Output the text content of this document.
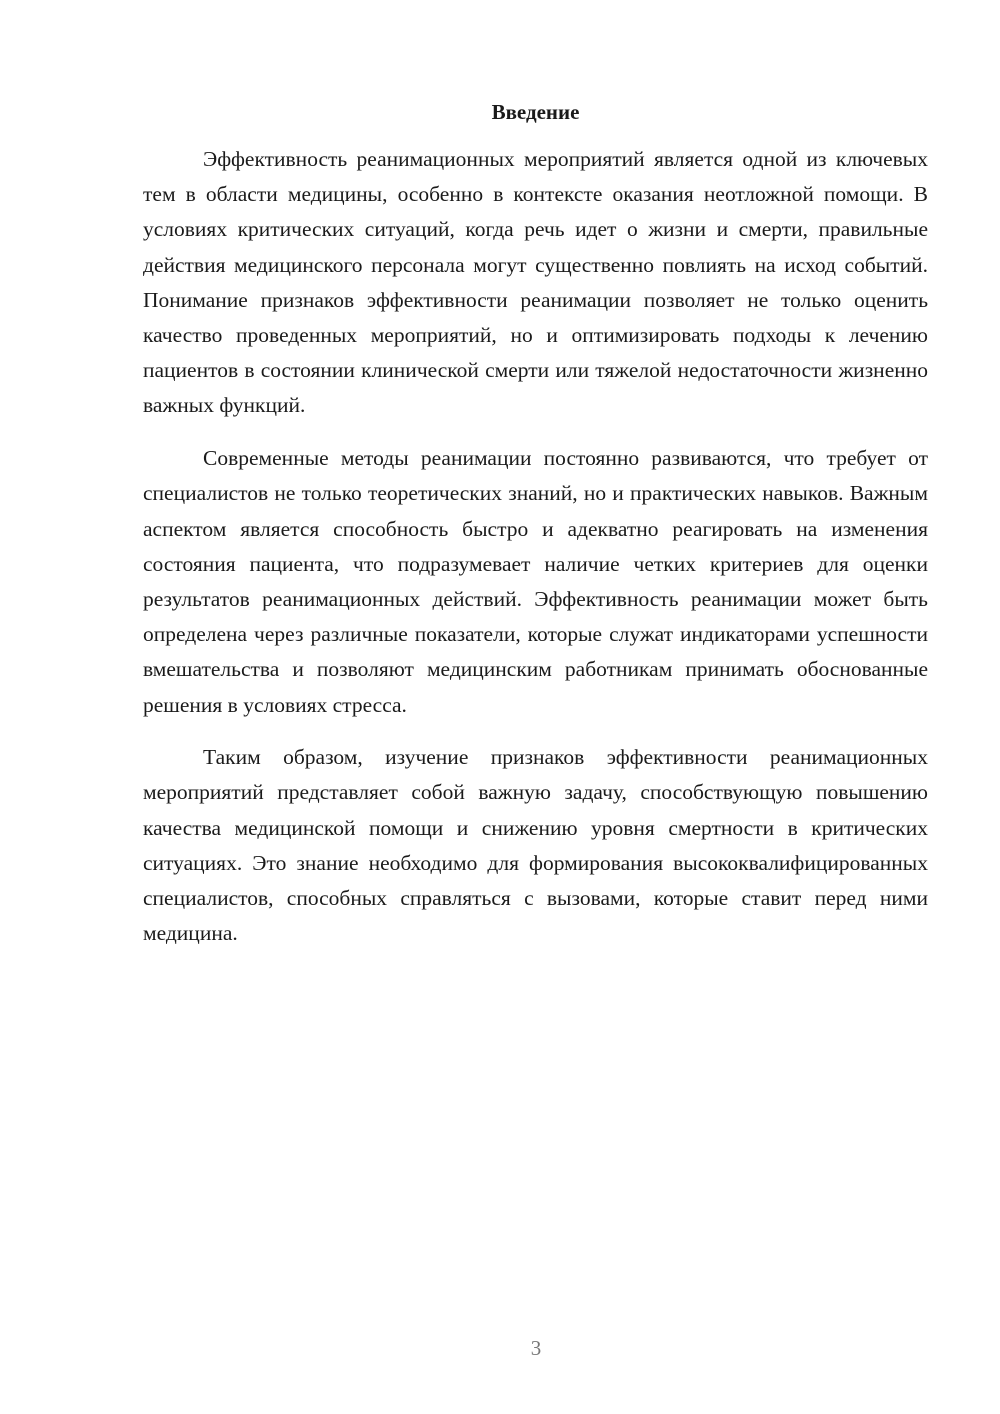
Введение

Эффективность реанимационных мероприятий является одной из ключевых тем в области медицины, особенно в контексте оказания неотложной помощи. В условиях критических ситуаций, когда речь идет о жизни и смерти, правильные действия медицинского персонала могут существенно повлиять на исход событий. Понимание признаков эффективности реанимации позволяет не только оценить качество проведенных мероприятий, но и оптимизировать подходы к лечению пациентов в состоянии клинической смерти или тяжелой недостаточности жизненно важных функций.

Современные методы реанимации постоянно развиваются, что требует от специалистов не только теоретических знаний, но и практических навыков. Важным аспектом является способность быстро и адекватно реагировать на изменения состояния пациента, что подразумевает наличие четких критериев для оценки результатов реанимационных действий. Эффективность реанимации может быть определена через различные показатели, которые служат индикаторами успешности вмешательства и позволяют медицинским работникам принимать обоснованные решения в условиях стресса.

Таким образом, изучение признаков эффективности реанимационных мероприятий представляет собой важную задачу, способствующую повышению качества медицинской помощи и снижению уровня смертности в критических ситуациях. Это знание необходимо для формирования высококвалифицированных специалистов, способных справляться с вызовами, которые ставит перед ними медицина.

3
